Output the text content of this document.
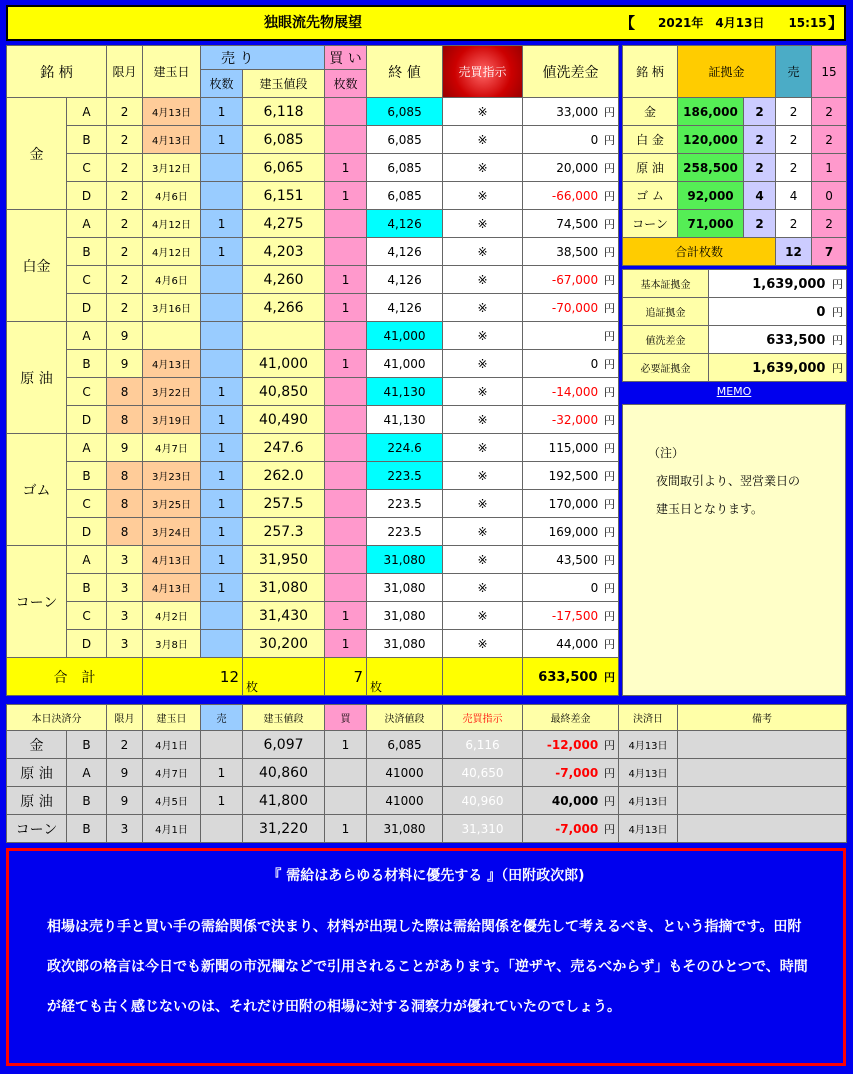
独眼流先物展望	【 2021年　4月13日　　15:15 】
銘 柄		限月	建玉日	売 り		買 い	終 値	売買指示	値洗差金
				枚数	建玉値段	枚数			
金	A	2	4月13日	1	6,118		6,085	※	33,000 円
	B	2	4月13日	1	6,085		6,085	※	0 円
	C	2	3月12日		6,065	1	6,085	※	20,000 円
	D	2	4月6日		6,151	1	6,085	※	-66,000 円
白金	A	2	4月12日	1	4,275		4,126	※	74,500 円
	B	2	4月12日	1	4,203		4,126	※	38,500 円
	C	2	4月6日		4,260	1	4,126	※	-67,000 円
	D	2	3月16日		4,266	1	4,126	※	-70,000 円
原 油	A	9					41,000	※	円
	B	9	4月13日		41,000	1	41,000	※	0 円
	C	8	3月22日	1	40,850		41,130	※	-14,000 円
	D	8	3月19日	1	40,490		41,130	※	-32,000 円
ゴム	A	9	4月7日	1	247.6		224.6	※	115,000 円
	B	8	3月23日	1	262.0		223.5	※	192,500 円
	C	8	3月25日	1	257.5		223.5	※	170,000 円
	D	8	3月24日	1	257.3		223.5	※	169,000 円
コーン	A	3	4月13日	1	31,950		31,080	※	43,500 円
	B	3	4月13日	1	31,080		31,080	※	0 円
	C	3	4月2日		31,430	1	31,080	※	-17,500 円
	D	3	3月8日		30,200	1	31,080	※	44,000 円
合　計			12		枚	7	枚		633,500 円
銘 柄	証拠金		売	15
金	186,000	2	2	2
白 金	120,000	2	2	2
原 油	258,500	2	2	1
ゴ ム	92,000	4	4	0
コーン	71,000	2	2	2
合計枚数			12	7
基本証拠金	1,639,000 円
追証拠金	0 円
値洗差金	633,500 円
必要証拠金	1,639,000 円
MEMO
（注）
夜間取引より、翌営業日の
建玉日となります。
本日決済分		限月	建玉日	売	建玉値段	買	決済値段	売買指示	最終差金	決済日	備考
金	B	2	4月1日		6,097	1	6,085	6,116	-12,000 円	4月13日	
原 油	A	9	4月7日	1	40,860		41000	40,650	-7,000 円	4月13日	
原 油	B	9	4月5日	1	41,800		41000	40,960	40,000 円	4月13日	
コーン	B	3	4月1日		31,220	1	31,080	31,310	-7,000 円	4月13日	
『 需給はあらゆる材料に優先する 』（田附政次郎)
相場は売り手と買い手の需給関係で決まり、材料が出現した際は需給関係を優先して考えるべき、という指摘です。田附政次郎の格言は今日でも新聞の市況欄などで引用されることがあります。「逆ザヤ、売るべからず」もそのひとつで、時間が経ても古く感じないのは、それだけ田附の相場に対する洞察力が優れていたのでしょう。
